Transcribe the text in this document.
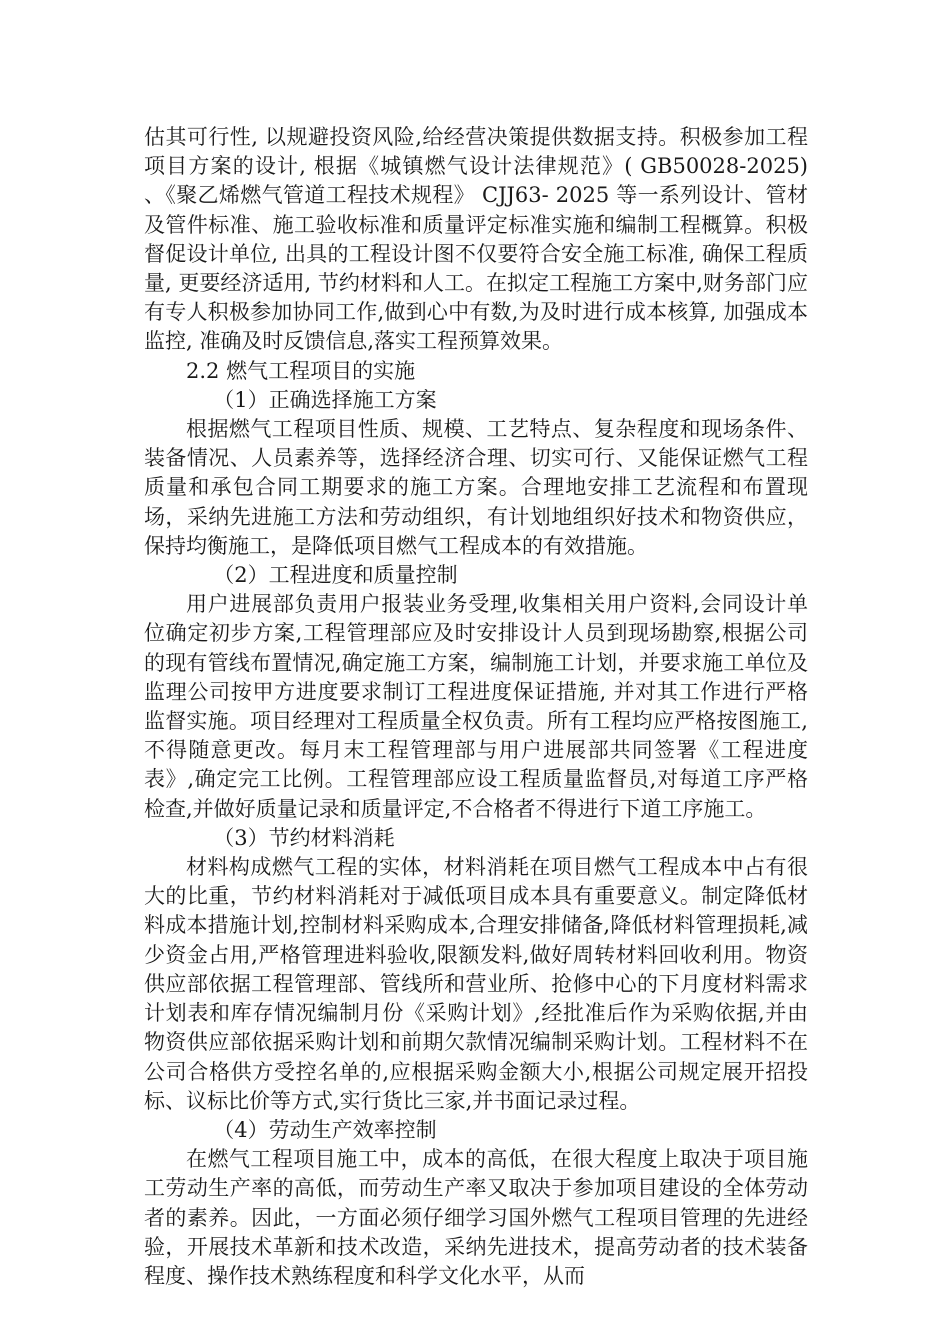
估其可行性, 以规避投资风险,给经营决策提供数据支持。积极参加工程项目方案的设计, 根据《城镇燃气设计法律规范》( GB50028-2025) 、《聚乙烯燃气管道工程技术规程》 CJJ63- 2025 等一系列设计、管材及管件标准、施工验收标准和质量评定标准实施和编制工程概算。积极督促设计单位, 出具的工程设计图不仅要符合安全施工标准, 确保工程质量, 更要经济适用, 节约材料和人工。在拟定工程施工方案中,财务部门应有专人积极参加协同工作,做到心中有数,为及时进行成本核算, 加强成本监控, 准确及时反馈信息,落实工程预算效果。

2.2 燃气工程项目的实施

（1）正确选择施工方案

根据燃气工程项目性质、规模、工艺特点、复杂程度和现场条件、装备情况、人员素养等，选择经济合理、切实可行、又能保证燃气工程质量和承包合同工期要求的施工方案。合理地安排工艺流程和布置现场，采纳先进施工方法和劳动组织，有计划地组织好技术和物资供应，保持均衡施工，是降低项目燃气工程成本的有效措施。

（2）工程进度和质量控制

用户进展部负责用户报装业务受理,收集相关用户资料,会同设计单位确定初步方案,工程管理部应及时安排设计人员到现场勘察,根据公司的现有管线布置情况,确定施工方案，编制施工计划，并要求施工单位及监理公司按甲方进度要求制订工程进度保证措施, 并对其工作进行严格监督实施。项目经理对工程质量全权负责。所有工程均应严格按图施工,不得随意更改。每月末工程管理部与用户进展部共同签署《工程进度表》,确定完工比例。工程管理部应设工程质量监督员,对每道工序严格检查,并做好质量记录和质量评定,不合格者不得进行下道工序施工。

（3）节约材料消耗

材料构成燃气工程的实体，材料消耗在项目燃气工程成本中占有很大的比重，节约材料消耗对于减低项目成本具有重要意义。制定降低材料成本措施计划,控制材料采购成本,合理安排储备,降低材料管理损耗,减少资金占用,严格管理进料验收,限额发料,做好周转材料回收利用。物资供应部依据工程管理部、管线所和营业所、抢修中心的下月度材料需求计划表和库存情况编制月份《采购计划》,经批准后作为采购依据,并由物资供应部依据采购计划和前期欠款情况编制采购计划。工程材料不在公司合格供方受控名单的,应根据采购金额大小,根据公司规定展开招投标、议标比价等方式,实行货比三家,并书面记录过程。

（4）劳动生产效率控制

在燃气工程项目施工中，成本的高低，在很大程度上取决于项目施工劳动生产率的高低，而劳动生产率又取决于参加项目建设的全体劳动者的素养。因此，一方面必须仔细学习国外燃气工程项目管理的先进经验，开展技术革新和技术改造，采纳先进技术，提高劳动者的技术装备程度、操作技术熟练程度和科学文化水平，从而
